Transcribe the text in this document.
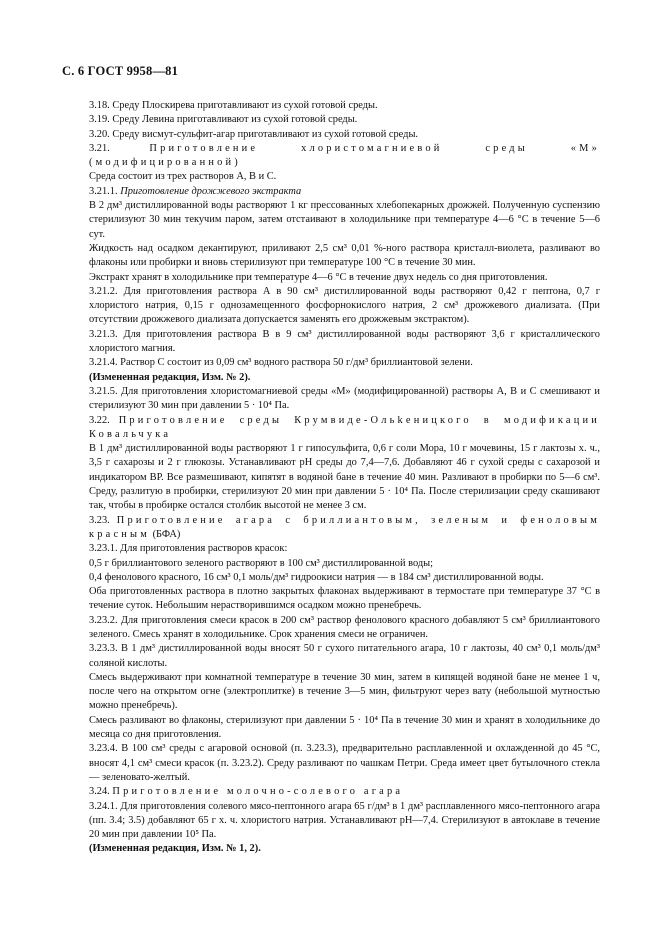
С. 6 ГОСТ 9958—81

3.18. Среду Плоскирева приготавливают из сухой готовой среды.

3.19. Среду Левина приготавливают из сухой готовой среды.

3.20. Среду висмут-сульфит-агар приготавливают из сухой готовой среды.

3.21.	Приготовление хлористомагниевой среды «М» (модифицированной)

Среда состоит из трех растворов А, В и С.

3.21.1. Приготовление дрожжевого экстракта

В 2 дм³ дистиллированной воды растворяют 1 кг прессованных хлебопекарных дрожжей. Полученную суспензию стерилизуют 30 мин текучим паром, затем отстаивают в холодильнике при температуре 4—6 °С в течение 5—6 сут.

Жидкость над осадком декантируют, приливают 2,5 см³ 0,01 %-ного раствора кристалл-виолета, разливают во флаконы или пробирки и вновь стерилизуют при температуре 100 °С в течение 30 мин.

Экстракт хранят в холодильнике при температуре 4—6 °С в течение двух недель со дня приготовления.

3.21.2. Для приготовления раствора А в 90 см³ дистиллированной воды растворяют 0,42 г пептона, 0,7 г хлористого натрия, 0,15 г однозамещенного фосфорнокислого натрия, 2 см³ дрожжевого диализата. (При отсутствии дрожжевого диализата допускается заменять его дрожжевым экстрактом).

3.21.3. Для приготовления раствора В в 9 см³ дистиллированной воды растворяют 3,6 г кристаллического хлористого магния.

3.21.4. Раствор С состоит из 0,09 см³ водного раствора 50 г/дм³ бриллиантовой зелени.

(Измененная редакция, Изм. № 2).

3.21.5. Для приготовления хлористомагниевой среды «М» (модифицированной) растворы А, В и С смешивают и стерилизуют 30 мин при давлении 5 · 10⁴ Па.

3.22. Приготовление среды Крумвиде-Ольkеницкого в модификации Ковальчука

В 1 дм³ дистиллированной воды растворяют 1 г гипосульфита, 0,6 г соли Мора, 10 г мочевины, 15 г лактозы х. ч., 3,5 г сахарозы и 2 г глюкозы. Устанавливают рН среды до 7,4—7,6. Добавляют 46 г сухой среды с сахарозой и индикатором ВР. Все размешивают, кипятят в водяной бане в течение 40 мин. Разливают в пробирки по 5—6 см³. Среду, разлитую в пробирки, стерилизуют 20 мин при давлении 5 · 10⁴ Па. После стерилизации среду скашивают так, чтобы в пробирке остался столбик высотой не менее 3 см.

3.23. Приготовление агара с бриллиантовым, зеленым и феноловым красным (БФА)

3.23.1. Для приготовления растворов красок:

0,5 г бриллиантового зеленого растворяют в 100 см³ дистиллированной воды;

0,4 фенолового красного, 16 см³ 0,1 моль/дм³ гидроокиси натрия — в 184 см³ дистиллированной воды.

Оба приготовленных раствора в плотно закрытых флаконах выдерживают в термостате при температуре 37 °С в течение суток. Небольшим нерастворившимся осадком можно пренебречь.

3.23.2. Для приготовления смеси красок в 200 см³ раствор фенолового красного добавляют 5 см³ бриллиантового зеленого. Смесь хранят в холодильнике. Срок хранения смеси не ограничен.

3.23.3. В 1 дм³ дистиллированной воды вносят 50 г сухого питательного агара, 10 г лактозы, 40 см³ 0,1 моль/дм³ соляной кислоты.

Смесь выдерживают при комнатной температуре в течение 30 мин, затем в кипящей водяной бане не менее 1 ч, после чего на открытом огне (электроплитке) в течение 3—5 мин, фильтруют через вату (небольшой мутностью можно пренебречь).

Смесь разливают во флаконы, стерилизуют при давлении 5 · 10⁴ Па в течение 30 мин и хранят в холодильнике до месяца со дня приготовления.

3.23.4. В 100 см³ среды с агаровой основой (п. 3.23.3), предварительно расплавленной и охлажденной до 45 °С, вносят 4,1 см³ смеси красок (п. 3.23.2). Среду разливают по чашкам Петри. Среда имеет цвет бутылочного стекла — зеленовато-желтый.

3.24. Приготовление молочно-солевого агара

3.24.1. Для приготовления солевого мясо-пептонного агара 65 г/дм³ в 1 дм³ расплавленного мясо-пептонного агара (пп. 3.4; 3.5) добавляют 65 г х. ч. хлористого натрия. Устанавливают рН—7,4. Стерилизуют в автоклаве в течение 20 мин при давлении 10⁵ Па.

(Измененная редакция, Изм. № 1, 2).
